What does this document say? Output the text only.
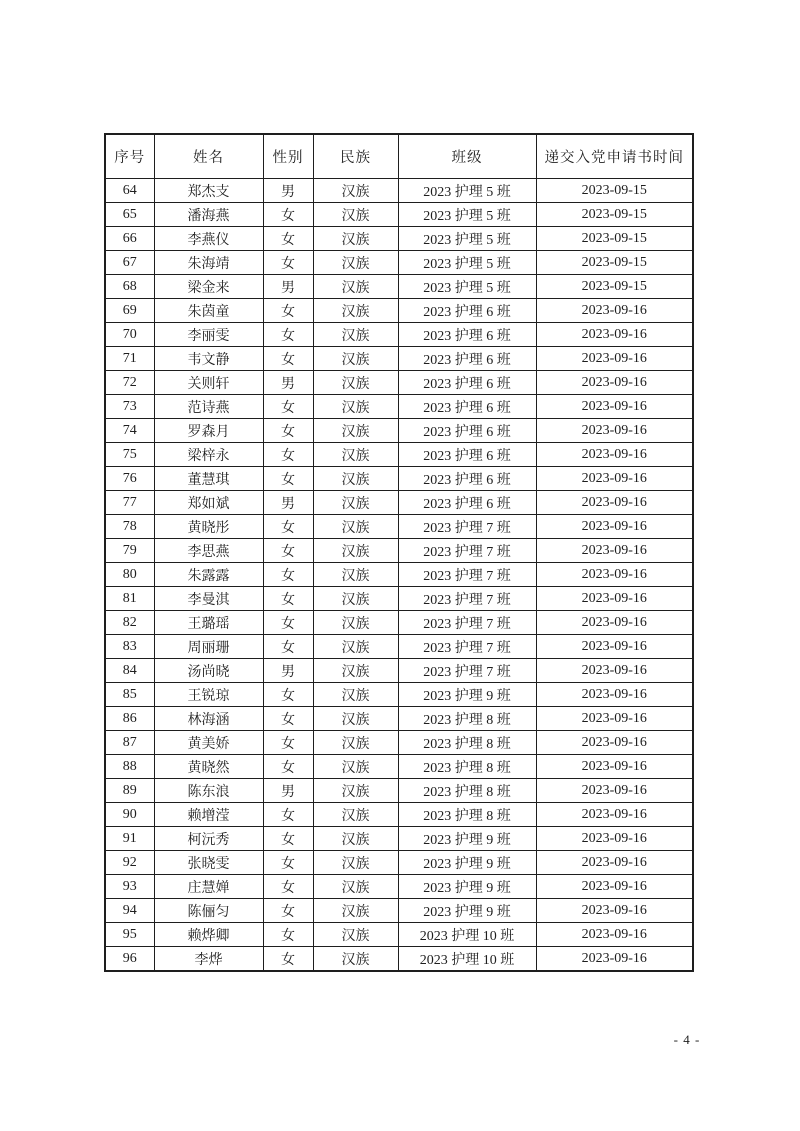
序号	姓名	性别	民族	班级	递交入党申请书时间
64	郑杰支	男	汉族	2023 护理 5 班	2023-09-15
65	潘海燕	女	汉族	2023 护理 5 班	2023-09-15
66	李燕仪	女	汉族	2023 护理 5 班	2023-09-15
67	朱海靖	女	汉族	2023 护理 5 班	2023-09-15
68	梁金来	男	汉族	2023 护理 5 班	2023-09-15
69	朱茵童	女	汉族	2023 护理 6 班	2023-09-16
70	李丽雯	女	汉族	2023 护理 6 班	2023-09-16
71	韦文静	女	汉族	2023 护理 6 班	2023-09-16
72	关则轩	男	汉族	2023 护理 6 班	2023-09-16
73	范诗燕	女	汉族	2023 护理 6 班	2023-09-16
74	罗森月	女	汉族	2023 护理 6 班	2023-09-16
75	梁梓永	女	汉族	2023 护理 6 班	2023-09-16
76	董慧琪	女	汉族	2023 护理 6 班	2023-09-16
77	郑如斌	男	汉族	2023 护理 6 班	2023-09-16
78	黄晓彤	女	汉族	2023 护理 7 班	2023-09-16
79	李思燕	女	汉族	2023 护理 7 班	2023-09-16
80	朱露露	女	汉族	2023 护理 7 班	2023-09-16
81	李曼淇	女	汉族	2023 护理 7 班	2023-09-16
82	王璐瑶	女	汉族	2023 护理 7 班	2023-09-16
83	周丽珊	女	汉族	2023 护理 7 班	2023-09-16
84	汤尚晓	男	汉族	2023 护理 7 班	2023-09-16
85	王锐琼	女	汉族	2023 护理 9 班	2023-09-16
86	林海涵	女	汉族	2023 护理 8 班	2023-09-16
87	黄美娇	女	汉族	2023 护理 8 班	2023-09-16
88	黄晓然	女	汉族	2023 护理 8 班	2023-09-16
89	陈东浪	男	汉族	2023 护理 8 班	2023-09-16
90	赖增滢	女	汉族	2023 护理 8 班	2023-09-16
91	柯沅秀	女	汉族	2023 护理 9 班	2023-09-16
92	张晓雯	女	汉族	2023 护理 9 班	2023-09-16
93	庄慧婵	女	汉族	2023 护理 9 班	2023-09-16
94	陈俪匀	女	汉族	2023 护理 9 班	2023-09-16
95	赖烨卿	女	汉族	2023 护理 10 班	2023-09-16
96	李烨	女	汉族	2023 护理 10 班	2023-09-16
- 4 -
